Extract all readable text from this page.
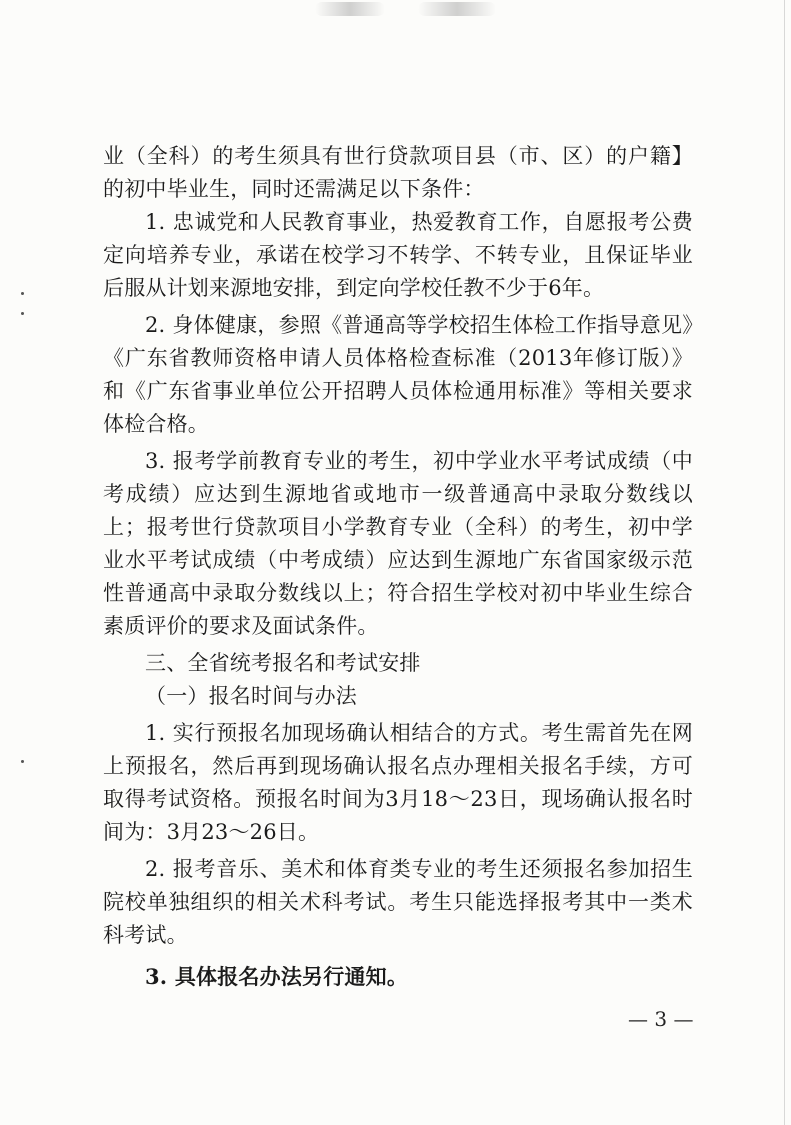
业（全科）的考生须具有世行贷款项目县（市、区）的户籍】的初中毕业生，同时还需满足以下条件：

1. 忠诚党和人民教育事业，热爱教育工作，自愿报考公费定向培养专业，承诺在校学习不转学、不转专业，且保证毕业后服从计划来源地安排，到定向学校任教不少于6年。

2. 身体健康，参照《普通高等学校招生体检工作指导意见》《广东省教师资格申请人员体格检查标准（2013年修订版）》和《广东省事业单位公开招聘人员体检通用标准》等相关要求体检合格。

3. 报考学前教育专业的考生，初中学业水平考试成绩（中考成绩）应达到生源地省或地市一级普通高中录取分数线以上；报考世行贷款项目小学教育专业（全科）的考生，初中学业水平考试成绩（中考成绩）应达到生源地广东省国家级示范性普通高中录取分数线以上；符合招生学校对初中毕业生综合素质评价的要求及面试条件。

三、全省统考报名和考试安排

（一）报名时间与办法

1. 实行预报名加现场确认相结合的方式。考生需首先在网上预报名，然后再到现场确认报名点办理相关报名手续，方可取得考试资格。预报名时间为3月18～23日，现场确认报名时间为：3月23～26日。

2. 报考音乐、美术和体育类专业的考生还须报名参加招生院校单独组织的相关术科考试。考生只能选择报考其中一类术科考试。

3. 具体报名办法另行通知。

— 3 —
